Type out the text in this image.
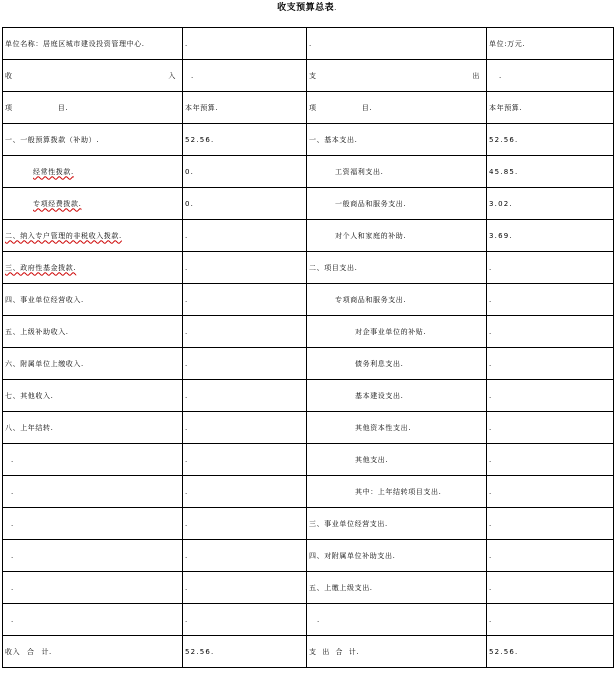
收支预算总表.
单位名称：居庭区城市建设投资管理中心.	.	.	单位:万元.

收 入	.	支 出	.
项                目.	本年预算.	项                目.	本年预算.
一、一般预算拨款（补助）.	52.56.	一、基本支出.	52.56.
经常性拨款.	0.	工资福利支出.	45.85.
专项经费拨款.	0.	一般商品和服务支出.	3.02.
二、纳入专户管理的非税收入拨款.	.	对个人和家庭的补助.	3.69.
三、政府性基金拨款.	.	二、项目支出.	.
四、事业单位经营收入.	.	专项商品和服务支出.	.
五、上级补助收入.	.	对企事业单位的补贴.	.
六、附属单位上缴收入.	.	债务利息支出.	.
七、其他收入.	.	基本建设支出.	.
八、上年结转.	.	其他资本性支出.	.
.	.	其他支出.	.
.	.	其中：上年结转项目支出.	.
.	.	三、事业单位经营支出.	.
.	.	四、对附属单位补助支出.	.
.	.	五、上缴上级支出.	.
.	.	.	.
收入 合 计.	52.56.	支  出  合  计.	52.56.
